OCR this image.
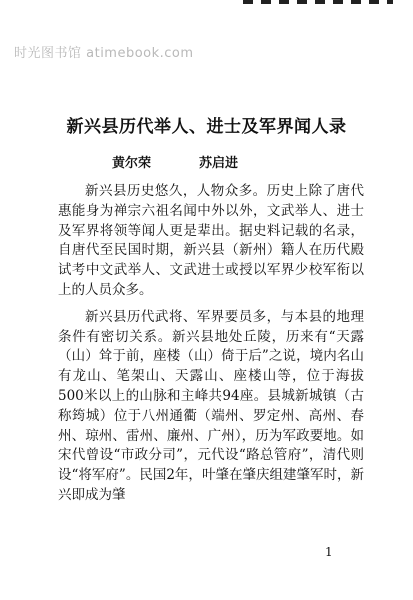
时光图书馆 atimebook.com
新兴县历代举人、进士及军界闻人录
黄尔荣	苏启进

新兴县历史悠久，人物众多。历史上除了唐代惠能身为禅宗六祖名闻中外以外，文武举人、进士及军界将领等闻人更是辈出。据史料记载的名录，自唐代至民国时期，新兴县（新州）籍人在历代殿试考中文武举人、文武进士或授以军界少校军衔以上的人员众多。

新兴县历代武将、军界要员多，与本县的地理条件有密切关系。新兴县地处丘陵，历来有“天露（山）耸于前，座楼（山）倚于后”之说，境内名山有龙山、笔架山、天露山、座楼山等，位于海拔500米以上的山脉和主峰共94座。县城新城镇（古称筠城）位于八州通衢（端州、罗定州、高州、春州、琼州、雷州、廉州、广州），历为军政要地。如宋代曾设“市政分司”，元代设“路总管府”，清代则设“将军府”。民国2年，叶肇在肇庆组建肇军时，新兴即成为肇

1
